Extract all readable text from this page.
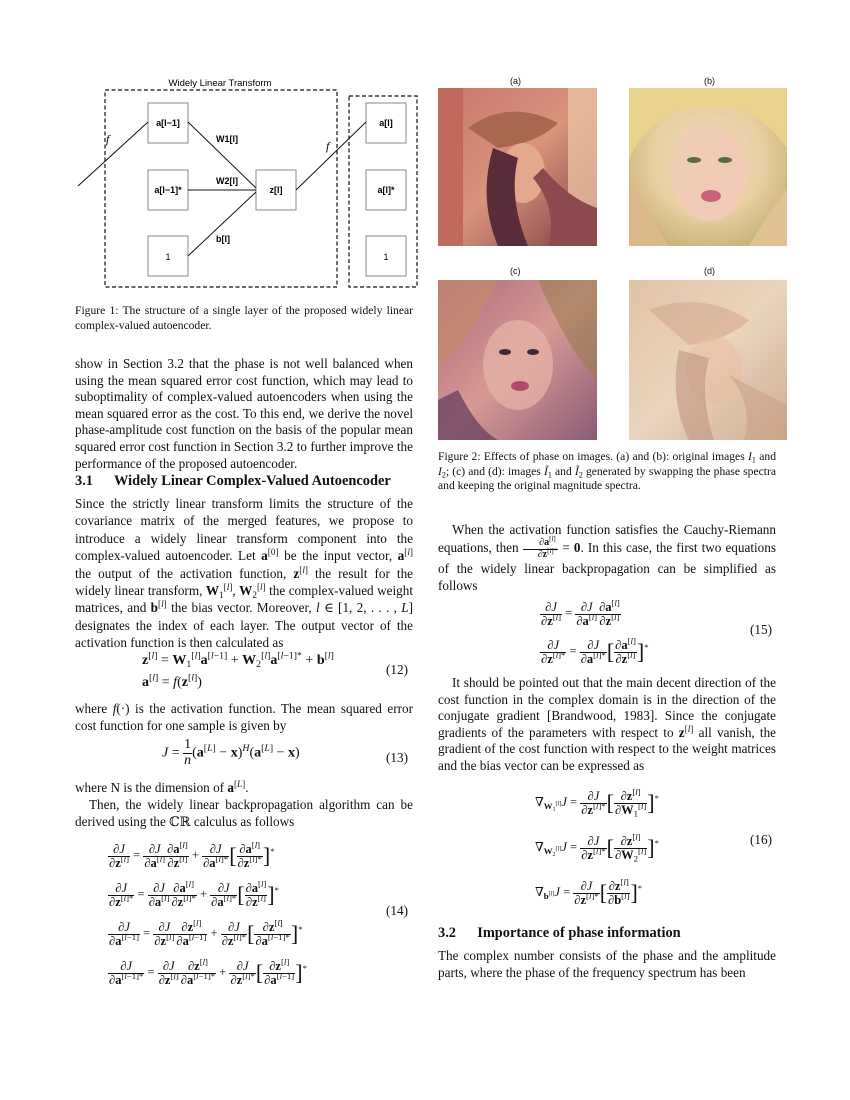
Widely Linear Transform
f	f
a[l−1]
a[l−1]*
1
z[l]
a[l]
a[l]*
1
W1[l]
W2[l]
b[l]
Figure 1: The structure of a single layer of the proposed widely linear complex-valued autoencoder.
show in Section 3.2 that the phase is not well balanced when using the mean squared error cost function, which may lead to suboptimality of complex-valued autoencoders when using the mean squared error as the cost. To this end, we derive the novel phase-amplitude cost function on the basis of the popular mean squared error cost function in Section 3.2 to further improve the performance of the proposed autoencoder.
3.1 Widely Linear Complex-Valued Autoencoder
Since the strictly linear transform limits the structure of the covariance matrix of the merged features, we propose to introduce a widely linear transform component into the complex-valued autoencoder. Let a[0] be the input vector, a[l] the output of the activation function, z[l] the result for the widely linear transform, $W_1[l]$, $W_2[l]$ the complex-valued weight matrices, and b[l] the bias vector. Moreover, l ∈ [1, 2, . . . , L] designates the index of each layer. The output vector of the activation function is then calculated as
$z[l] = W_1[l]a[l-1] + W_2[l]a^{[l-1]*} + b[l]$
a[l] = f(z[l])
(12)
where f(·) is the activation function. The mean squared error cost function for one sample is given by
$J = \frac{1}{n} (a[L] - x)^H(a[L] - x)$	(13)
where N is the dimension of a[L].
Then, the widely linear backpropagation algorithm can be derived using the ℂℝ calculus as follows
$\frac{\partial J}{\partial z^{[l]}} = \frac{\partial J}{\partial a^{[l]}} \frac{\partial a^{[l]}}{\partial z^{[l]}} + \frac{\partial J}{\partial a^{[l]*}}$ [ $\frac{\partial a^{[l]}}{\partial z^{[l]*}} ]^*$
$\frac{\partial J}{\partial z^{[l]*}} = \frac{\partial J}{\partial a^{[l]}} \frac{\partial a^{[l]}}{\partial z^{[l]*}} + \frac{\partial J}{\partial a^{[l]*}}$ [ $\frac{\partial a^{[l]}}{\partial z^{[l]}} ]^*$
$\frac{\partial J}{\partial a^{[l-1]}} = \frac{\partial J}{\partial z^{[l]}} \frac{\partial z^{[l]}}{\partial a^{[l-1]}} + \frac{\partial J}{\partial z^{[l]*}}$ [ $\frac{\partial z^{[l]}}{\partial a^{[l-1]*}} ]^*$
$\frac{\partial J}{\partial a^{[l-1]*}} = \frac{\partial J}{\partial z^{[l]}} \frac{\partial z^{[l]}}{\partial a^{[l-1]*}} + \frac{\partial J}{\partial z^{[l]*}}$ [ $\frac{\partial z^{[l]}}{\partial a^{[l-1]}} ]^*$
(14)
(a)	(b)
(c)	(d)
Figure 2: Effects of phase on images. (a) and (b): original images $I_1$ and $I_2$; (c) and (d): images $Ĩ_1$ and $Ĩ_2$ generated by swapping the phase spectra and keeping the original magnitude spectra.
When the activation function satisfies the Cauchy-Riemann equations, then $\frac{\partial a^{[l]}}{\partial z^{[l]*}} = 0$. In this case, the first two equations of the widely linear backpropagation can be simplified as follows
$\frac{\partial J}{\partial z^{[l]}} = \frac{\partial J}{\partial a^{[l]}} \frac{\partial a^{[l]}}{\partial z^{[l]}}$
$\frac{\partial J}{\partial z^{[l]*}} = \frac{\partial J}{\partial a^{[l]*}}$ [ $\frac{\partial a^{[l]}}{\partial z^{[l]}} ]^*$
(15)
It should be pointed out that the main decent direction of the cost function in the complex domain is in the direction of the conjugate gradient [Brandwood, 1983]. Since the conjugate gradients of the parameters with respect to z[l] all vanish, the gradient of the cost function with respect to the weight matrices and the bias vector can be expressed as
$\nabla_{W_1^{[l]}}J = \frac{\partial J}{\partial z^{[l]*}}$ [ $\frac{\partial z^{[l]}}{\partial W_1^{[l]}} ]^*$
$\nabla_{W_2^{[l]}}J = \frac{\partial J}{\partial z^{[l]*}}$ [ $\frac{\partial z^{[l]}}{\partial W_2^{[l]}} ]^*$
$\nabla_{b^{[l]}}J = \frac{\partial J}{\partial z^{[l]*}}$ [ $\frac{\partial z^{[l]}}{\partial b^{[l]}} ]^*$
(16)
3.2 Importance of phase information
The complex number consists of the phase and the amplitude parts, where the phase of the frequency spectrum has been
